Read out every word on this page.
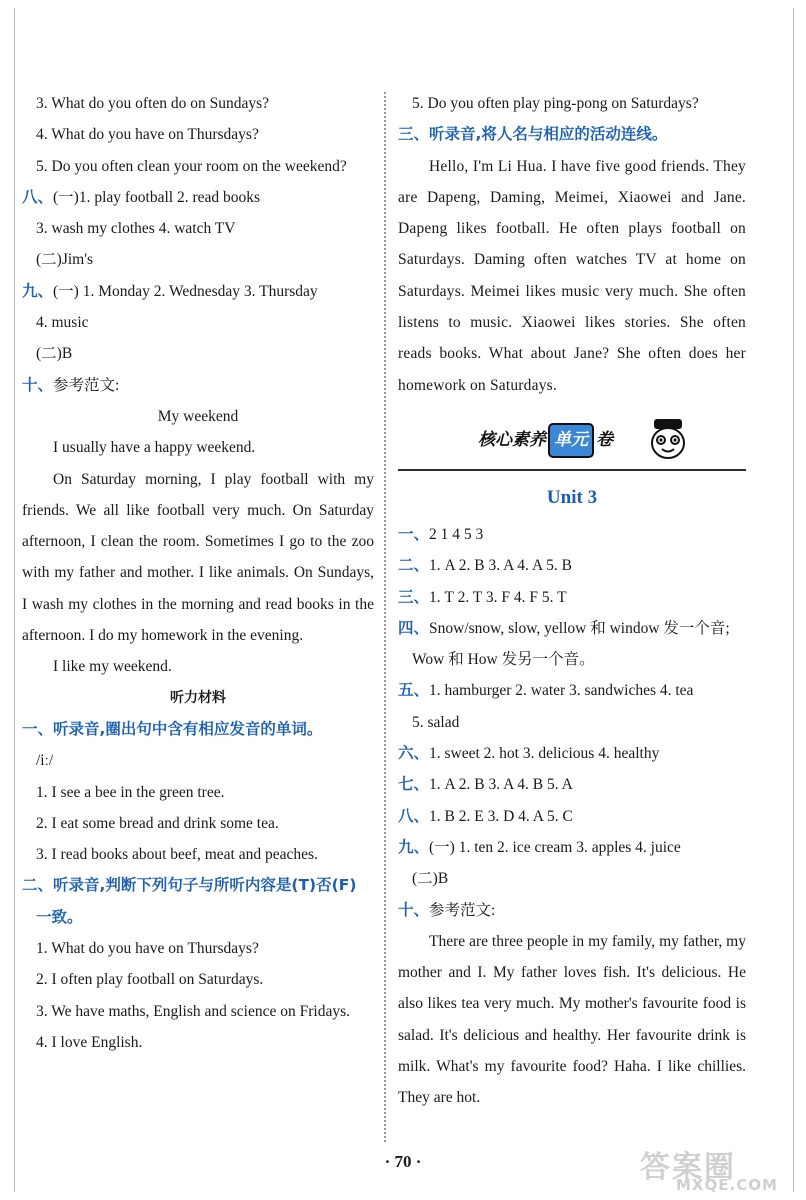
3. What do you often do on Sundays?
4. What do you have on Thursdays?
5. Do you often clean your room on the weekend?
八、(一)1. play football 2. read books
3. wash my clothes 4. watch TV
(二)Jim's
九、(一) 1. Monday 2. Wednesday 3. Thursday
4. music
(二)B
十、参考范文:
My weekend
I usually have a happy weekend.
On Saturday morning, I play football with my friends. We all like football very much. On Saturday afternoon, I clean the room. Sometimes I go to the zoo with my father and mother. I like animals. On Sundays, I wash my clothes in the morning and read books in the afternoon. I do my homework in the evening.
I like my weekend.
听力材料
一、听录音,圈出句中含有相应发音的单词。
/iː/
1. I see a bee in the green tree.
2. I eat some bread and drink some tea.
3. I read books about beef, meat and peaches.
二、听录音,判断下列句子与所听内容是(T)否(F)
一致。
1. What do you have on Thursdays?
2. I often play football on Saturdays.
3. We have maths, English and science on Fridays.
4. I love English.
5. Do you often play ping-pong on Saturdays?
三、听录音,将人名与相应的活动连线。
Hello, I'm Li Hua. I have five good friends. They are Dapeng, Daming, Meimei, Xiaowei and Jane. Dapeng likes football. He often plays football on Saturdays. Daming often watches TV at home on Saturdays. Meimei likes music very much. She often listens to music. Xiaowei likes stories. She often reads books. What about Jane? She often does her homework on Saturdays.
核心素养 单元 卷
Unit 3
一、2 1 4 5 3
二、1. A 2. B 3. A 4. A 5. B
三、1. T 2. T 3. F 4. F 5. T
四、Snow/snow, slow, yellow 和 window 发一个音;
Wow 和 How 发另一个音。
五、1. hamburger 2. water 3. sandwiches 4. tea
5. salad
六、1. sweet 2. hot 3. delicious 4. healthy
七、1. A 2. B 3. A 4. B 5. A
八、1. B 2. E 3. D 4. A 5. C
九、(一) 1. ten 2. ice cream 3. apples 4. juice
(二)B
十、参考范文:
There are three people in my family, my father, my mother and I. My father loves fish. It's delicious. He also likes tea very much. My mother's favourite food is salad. It's delicious and healthy. Her favourite drink is milk. What's my favourite food? Haha. I like chillies. They are hot.
· 70 ·	答案圈
MXQE.COM
